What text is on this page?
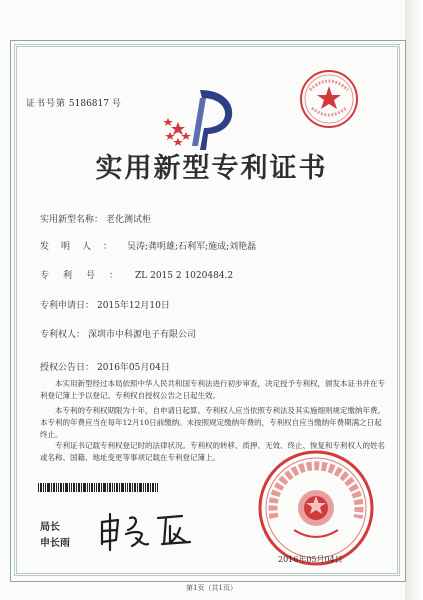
证书号第 5186817 号
实用新型专利证书
实用新型名称： 老化测试柜
发明人： 吴涛;龚明雄;石利军;施成;刘艳磊
专利号： ZL 2015 2 1020484.2
专利申请日： 2015年12月10日
专利权人： 深圳市中科源电子有限公司
授权公告日： 2016年05月04日
本实用新型经过本局依照中华人民共和国专利法进行初步审查，决定授予专利权，颁发本证书并在专利登记簿上予以登记。专利权自授权公告之日起生效。
本专利的专利权期限为十年，自申请日起算。专利权人应当依照专利法及其实施细则规定缴纳年费。本专利的年费应当在每年12月10日前缴纳。未按照规定缴纳年费的，专利权自应当缴纳年费期满之日起终止。
专利证书记载专利权登记时的法律状况。专利权的转移、质押、无效、终止、恢复和专利权人的姓名或名称、国籍、地址变更等事项记载在专利登记簿上。
局长
申长雨
2016年05月04日
第1页（共1页）
